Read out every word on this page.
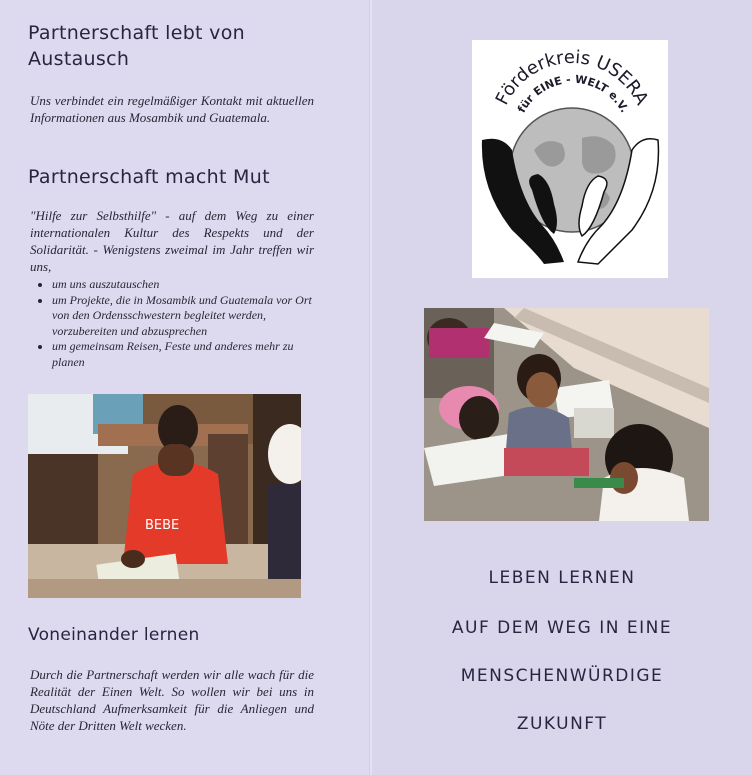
Partnerschaft lebt von Austausch

Uns verbindet ein regelmäßiger Kontakt mit aktuellen Informationen aus Mosambik und Guatemala.

Partnerschaft macht Mut

"Hilfe zur Selbsthilfe" - auf dem Weg zu einer internationalen Kultur des Respekts und der Solidarität. - Wenigstens zweimal im Jahr treffen wir uns,

• um uns auszutauschen
• um Projekte, die in Mosambik und Guatemala vor Ort von den Ordensschwestern begleitet werden, vorzubereiten und abzusprechen
• um gemeinsam Reisen, Feste und anderes mehr zu planen
BEBE
Voneinander lernen

Durch die Partnerschaft werden wir alle wach für die Realität der Einen Welt. So wollen wir bei uns in Deutschland Aufmerksamkeit für die Anliegen und Nöte der Dritten Welt wecken.

Förderkreis USERA
für EINE - WELT e.V.
LEBEN LERNEN
AUF DEM WEG IN EINE
MENSCHENWÜRDIGE
ZUKUNFT
